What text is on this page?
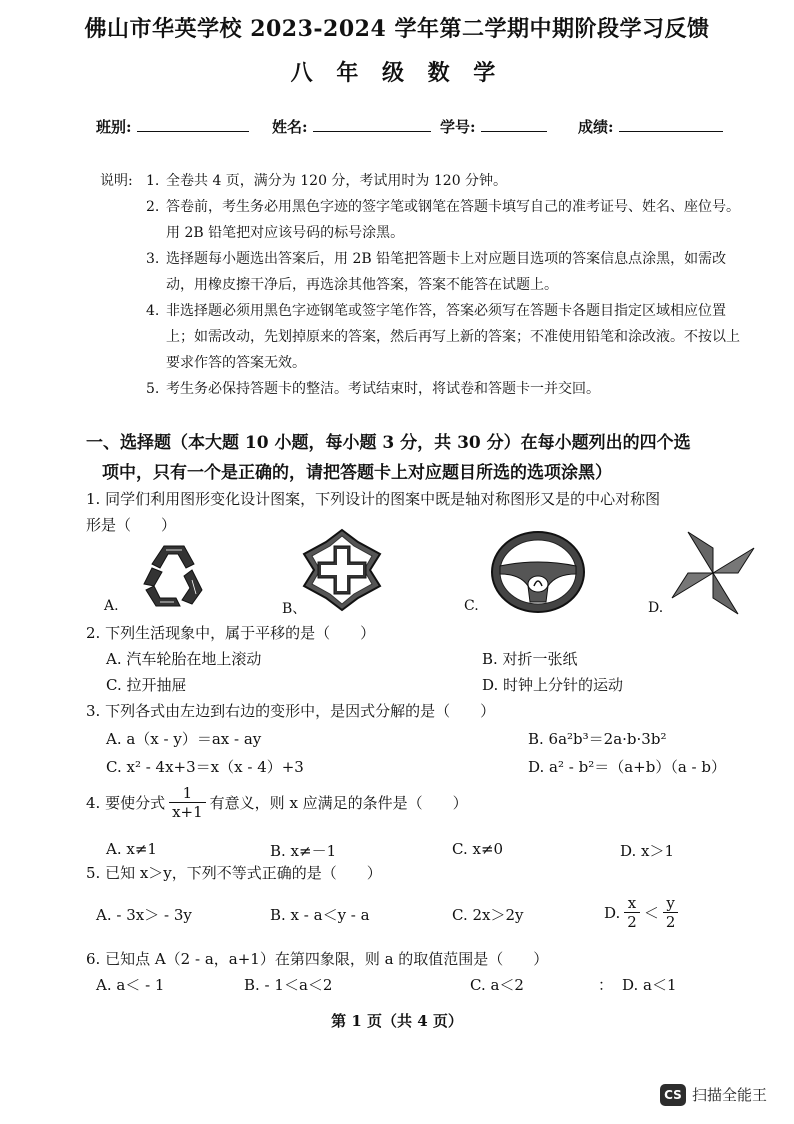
佛山市华英学校 2023-2024 学年第二学期中期阶段学习反馈
八 年 级 数 学
班别:	姓名:	学号:	成绩:
说明: 1. 全卷共 4 页，满分为 120 分，考试用时为 120 分钟。
2. 答卷前，考生务必用黑色字迹的签字笔或钢笔在答题卡填写自己的准考证号、姓名、座位号。用 2B 铅笔把对应该号码的标号涂黑。
3. 选择题每小题选出答案后，用 2B 铅笔把答题卡上对应题目选项的答案信息点涂黑，如需改动，用橡皮擦干净后，再选涂其他答案，答案不能答在试题上。
4. 非选择题必须用黑色字迹钢笔或签字笔作答，答案必须写在答题卡各题目指定区域相应位置上；如需改动，先划掉原来的答案，然后再写上新的答案；不准使用铅笔和涂改液。不按以上要求作答的答案无效。
5. 考生务必保持答题卡的整洁。考试结束时，将试卷和答题卡一并交回。
一、选择题（本大题 10 小题，每小题 3 分，共 30 分）在每小题列出的四个选
项中，只有一个是正确的，请把答题卡上对应题目所选的选项涂黑）
1. 同学们利用图形变化设计图案，下列设计的图案中既是轴对称图形又是的中心对称图
形是（　　）
A.	B、	C.	D.
2. 下列生活现象中，属于平移的是（　　）
A. 汽车轮胎在地上滚动	B. 对折一张纸
C. 拉开抽屉	D. 时钟上分针的运动
3. 下列各式由左边到右边的变形中，是因式分解的是（　　）
A. a（x - y）＝ax - ay	B. 6a²b³＝2a·b·3b²
C. x² - 4x+3＝x（x - 4）+3	D. a² - b²＝（a+b）（a - b）
4. 要使分式 $\frac{1}{x+1}$ 有意义，则 x 应满足的条件是（　　）
A. x≠1	B. x≠－1	C. x≠0	D. x＞1
5. 已知 x＞y，下列不等式正确的是（　　）
A. - 3x＞ - 3y	B. x - a＜y - a	C. 2x＞2y	D. $\frac{x}{2} < \frac{y}{2}$
6. 已知点 A（2 - a，a+1）在第四象限，则 a 的取值范围是（　　）
A. a＜ - 1	B. - 1＜a＜2	C. a＜2	： D. a＜1
第 1 页（共 4 页）
CS 扫描全能王
